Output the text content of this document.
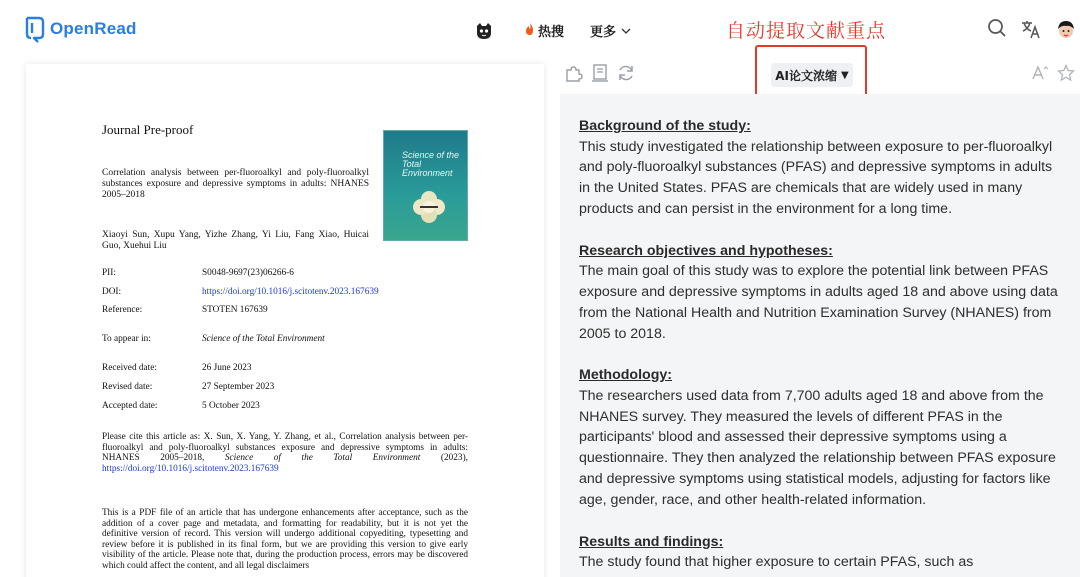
OpenRead	热搜 更多	自动提取文献重点
Journal Pre-proof
Correlation analysis between per-fluoroalkyl and poly-fluoroalkyl substances exposure and depressive symptoms in adults: NHANES 2005–2018
Xiaoyi Sun, Xupu Yang, Yizhe Zhang, Yi Liu, Fang Xiao, Huicai Guo, Xuehui Liu
Science of the Total Environment
PII:	S0048-9697(23)06266-6
DOI:	https://doi.org/10.1016/j.scitotenv.2023.167639
Reference:	STOTEN 167639
To appear in:	Science of the Total Environment
Received date:	26 June 2023
Revised date:	27 September 2023
Accepted date:	5 October 2023
Please cite this article as: X. Sun, X. Yang, Y. Zhang, et al., Correlation analysis between per-fluoroalkyl and poly-fluoroalkyl substances exposure and depressive symptoms in adults: NHANES 2005–2018, Science of the Total Environment (2023), https://doi.org/10.1016/j.scitotenv.2023.167639
This is a PDF file of an article that has undergone enhancements after acceptance, such as the addition of a cover page and metadata, and formatting for readability, but it is not yet the definitive version of record. This version will undergo additional copyediting, typesetting and review before it is published in its final form, but we are providing this version to give early visibility of the article. Please note that, during the production process, errors may be discovered which could affect the content, and all legal disclaimers
AI论文浓缩 ▼
Background of the study:

This study investigated the relationship between exposure to per-fluoroalkyl and poly-fluoroalkyl substances (PFAS) and depressive symptoms in adults in the United States. PFAS are chemicals that are widely used in many products and can persist in the environment for a long time.

Research objectives and hypotheses:

The main goal of this study was to explore the potential link between PFAS exposure and depressive symptoms in adults aged 18 and above using data from the National Health and Nutrition Examination Survey (NHANES) from 2005 to 2018.

Methodology:

The researchers used data from 7,700 adults aged 18 and above from the NHANES survey. They measured the levels of different PFAS in the participants' blood and assessed their depressive symptoms using a questionnaire. They then analyzed the relationship between PFAS exposure and depressive symptoms using statistical models, adjusting for factors like age, gender, race, and other health-related information.

Results and findings:

The study found that higher exposure to certain PFAS, such as
